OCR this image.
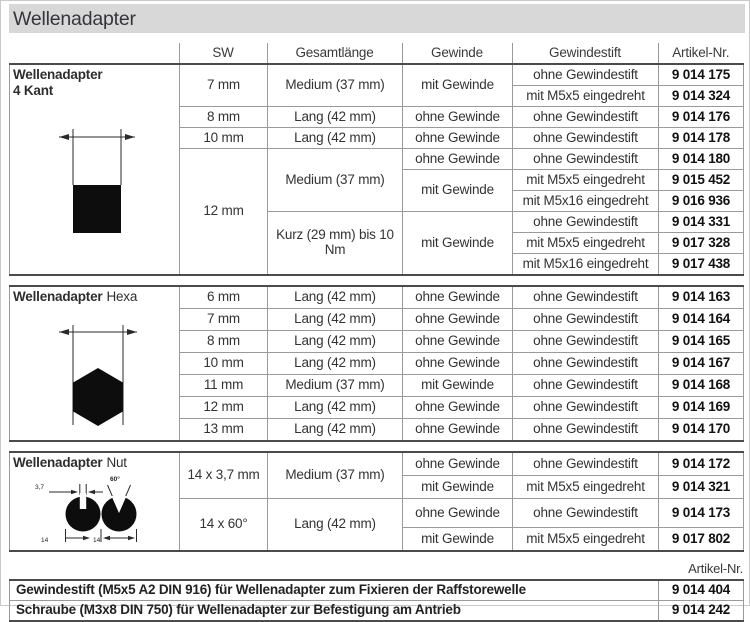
Wellenadapter
	SW	Gesamtlänge	Gewinde	Gewindestift	Artikel-Nr.
Wellenadapter
4 Kant	7 mm	Medium (37 mm)	mit Gewinde	ohne Gewindestift	9 014 175
				mit M5x5 eingedreht	9 014 324
	8 mm	Lang (42 mm)	ohne Gewinde	ohne Gewindestift	9 014 176
	10 mm	Lang (42 mm)	ohne Gewinde	ohne Gewindestift	9 014 178
	12 mm	Medium (37 mm)	ohne Gewinde	ohne Gewindestift	9 014 180
			mit Gewinde	mit M5x5 eingedreht	9 015 452
				mit M5x16 eingedreht	9 016 936
		Kurz (29 mm) bis 10 Nm	mit Gewinde	ohne Gewindestift	9 014 331
				mit M5x5 eingedreht	9 017 328
				mit M5x16 eingedreht	9 017 438
Wellenadapter Hexa	6 mm	Lang (42 mm)	ohne Gewinde	ohne Gewindestift	9 014 163
	7 mm	Lang (42 mm)	ohne Gewinde	ohne Gewindestift	9 014 164
	8 mm	Lang (42 mm)	ohne Gewinde	ohne Gewindestift	9 014 165
	10 mm	Lang (42 mm)	ohne Gewinde	ohne Gewindestift	9 014 167
	11 mm	Medium (37 mm)	mit Gewinde	ohne Gewindestift	9 014 168
	12 mm	Lang (42 mm)	ohne Gewinde	ohne Gewindestift	9 014 169
	13 mm	Lang (42 mm)	ohne Gewinde	ohne Gewindestift	9 014 170
Wellenadapter Nut
3,7
60°
14 14	14 x 3,7 mm	Medium (37 mm)	ohne Gewinde	ohne Gewindestift	9 014 172
			mit Gewinde	mit M5x5 eingedreht	9 014 321
	14 x 60°	Lang (42 mm)	ohne Gewinde	ohne Gewindestift	9 014 173
			mit Gewinde	mit M5x5 eingedreht	9 017 802
Artikel-Nr.
Gewindestift (M5x5 A2 DIN 916) für Wellenadapter zum Fixieren der Raffstorewelle	9 014 404
Schraube (M3x8 DIN 750) für Wellenadapter zur Befestigung am Antrieb	9 014 242
